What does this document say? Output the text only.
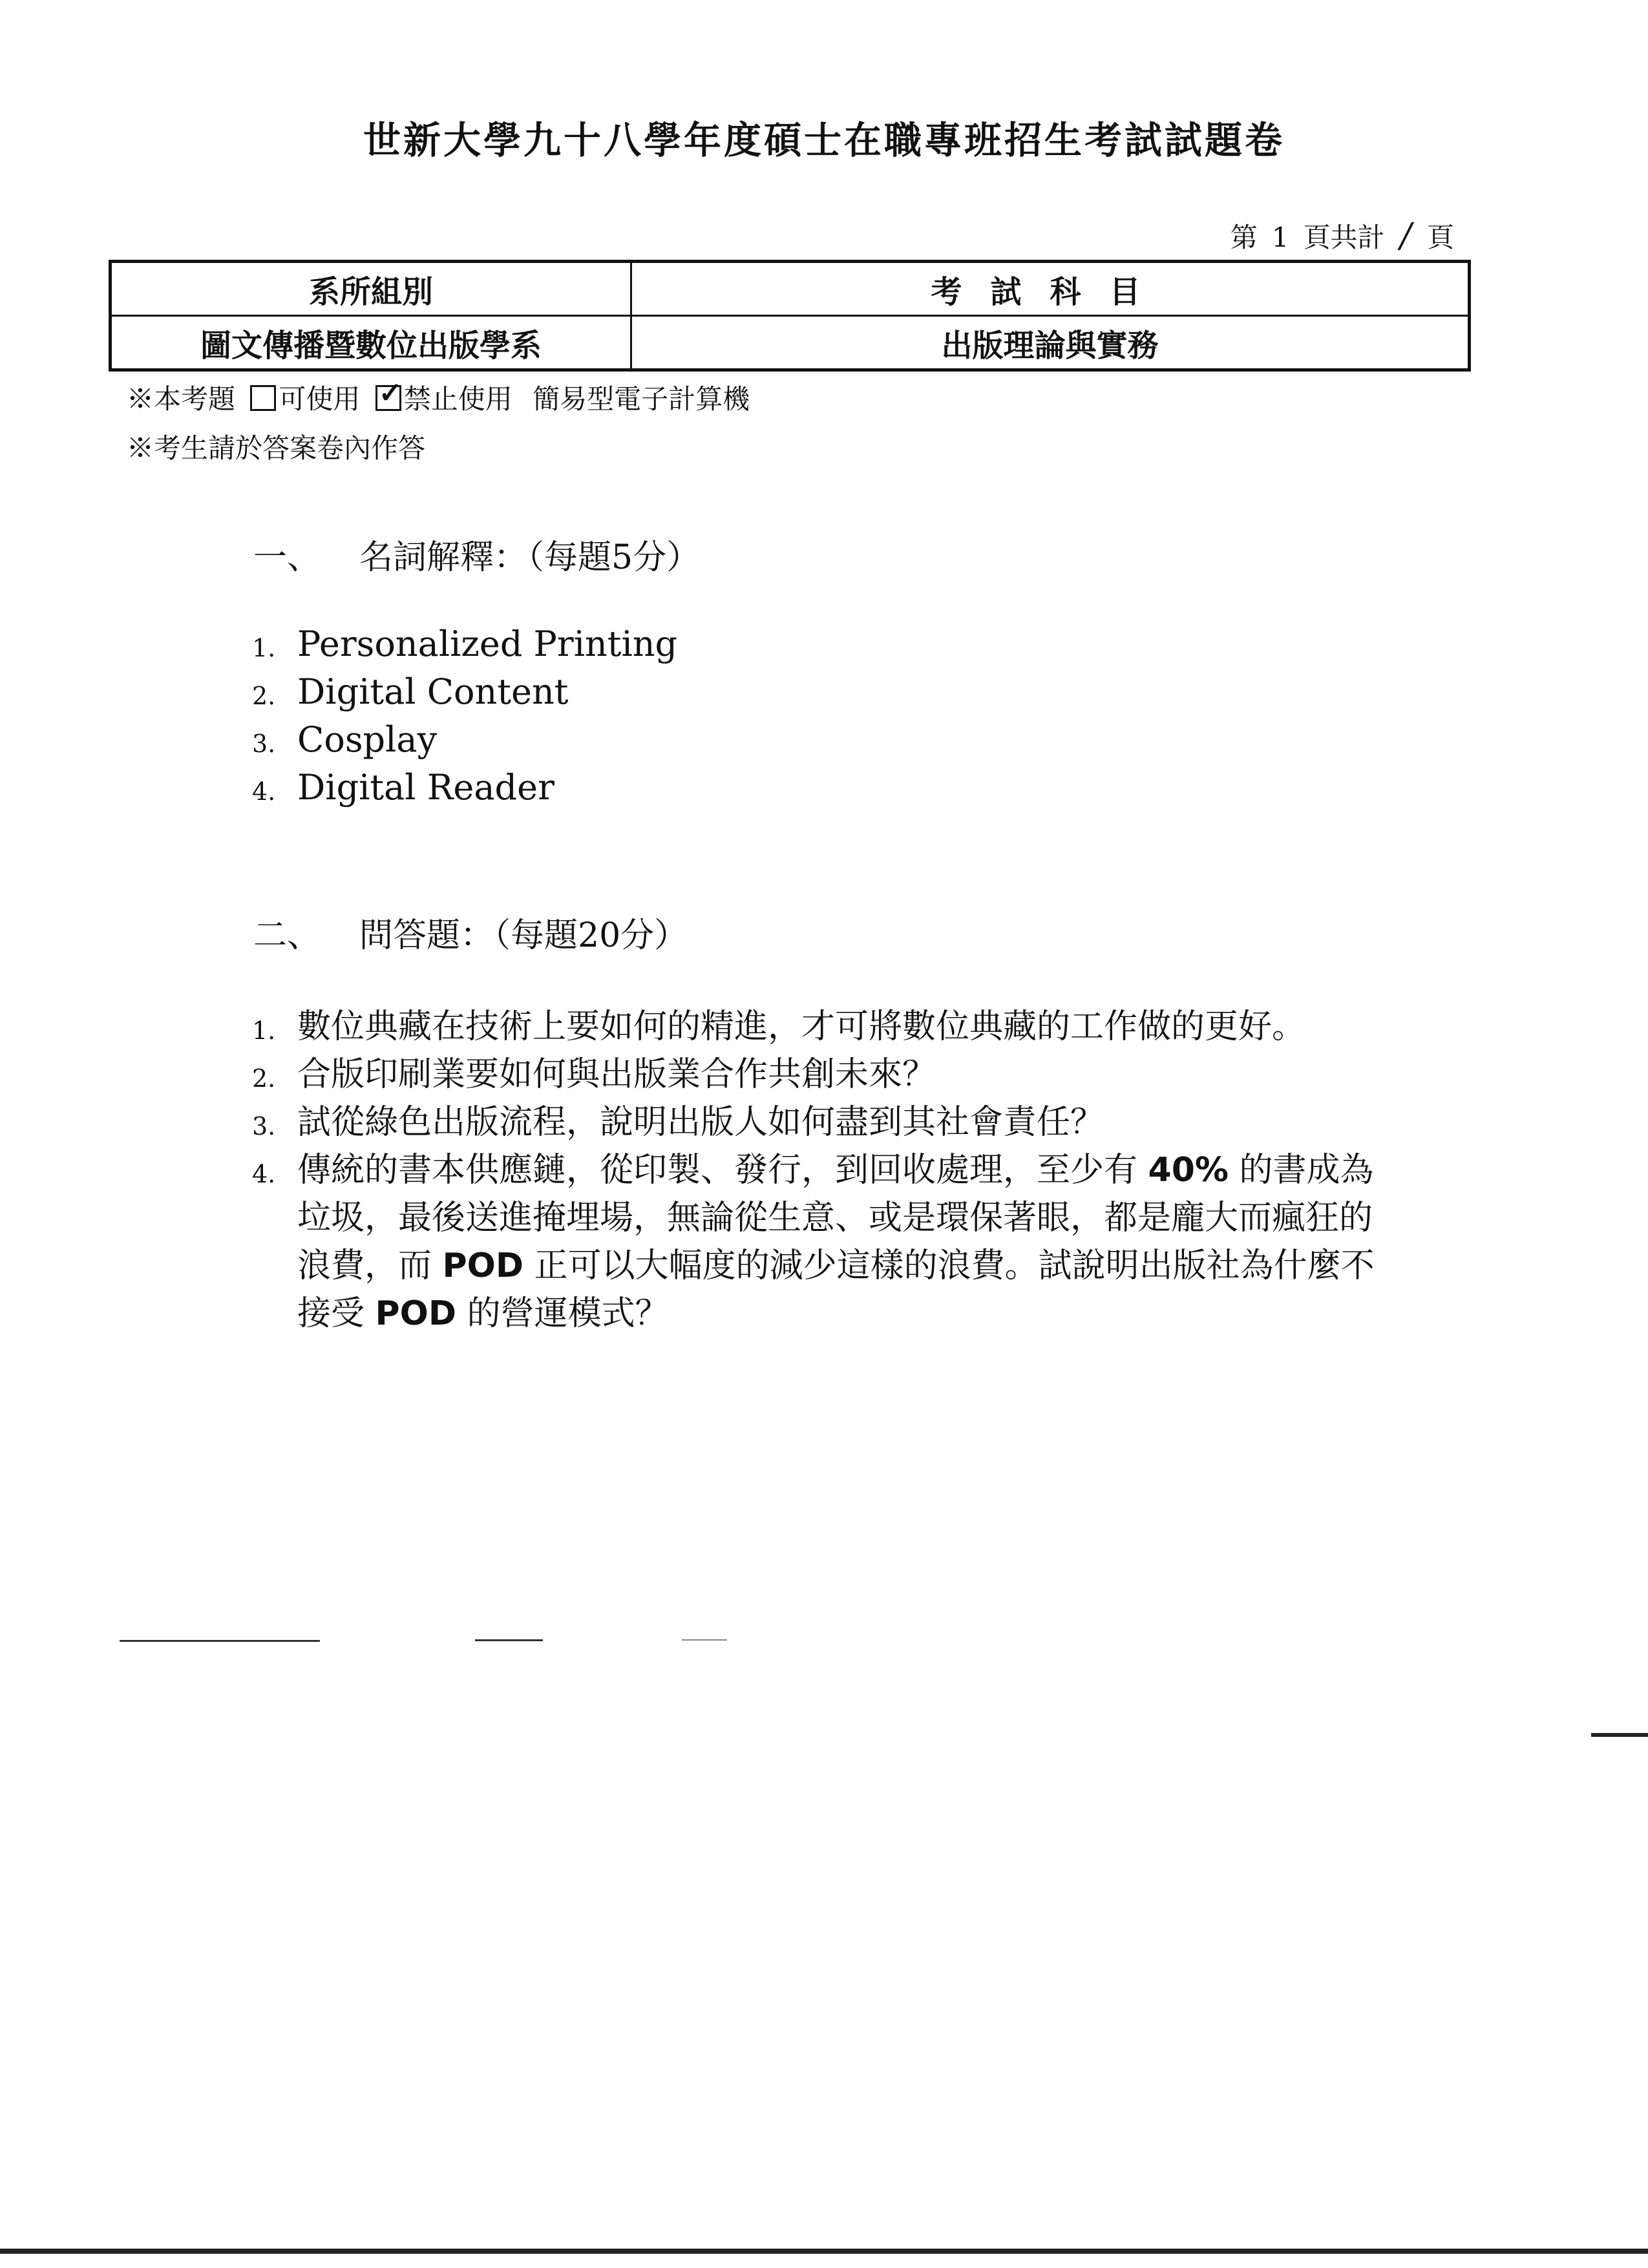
世新大學九十八學年度碩士在職專班招生考試試題卷
第 1 頁共計 / 頁
系所組別	考試科目
圖文傳播暨數位出版學系	出版理論與實務
※本考題 可使用 ✓ 禁止使用 簡易型電子計算機
※考生請於答案卷內作答
一、 名詞解釋：（每題5分）
1. Personalized Printing
2. Digital Content
3. Cosplay
4. Digital Reader
二、 問答題：（每題20分）
1. 數位典藏在技術上要如何的精進，才可將數位典藏的工作做的更好。
2. 合版印刷業要如何與出版業合作共創未來？
3. 試從綠色出版流程，說明出版人如何盡到其社會責任？
4. 傳統的書本供應鏈，從印製、發行，到回收處理，至少有 40% 的書成為垃圾，最後送進掩埋場，無論從生意、或是環保著眼，都是龐大而瘋狂的浪費，而 POD 正可以大幅度的減少這樣的浪費。試說明出版社為什麼不接受 POD 的營運模式？
